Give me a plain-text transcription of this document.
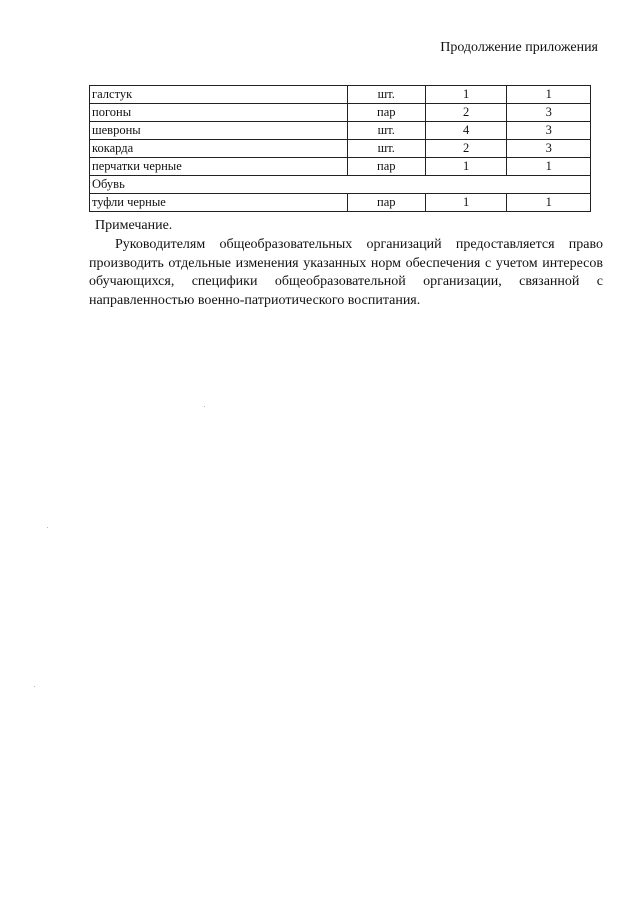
Продолжение приложения
галстук	шт.	1	1
погоны	пар	2	3
шевроны	шт.	4	3
кокарда	шт.	2	3
перчатки черные	пар	1	1
Обувь			
туфли черные	пар	1	1
Примечание.
Руководителям общеобразовательных организаций предоставляется право производить отдельные изменения указанных норм обеспечения с учетом интересов обучающихся, специфики общеобразовательной организации, связанной с направленностью военно-патриотического воспитания.
